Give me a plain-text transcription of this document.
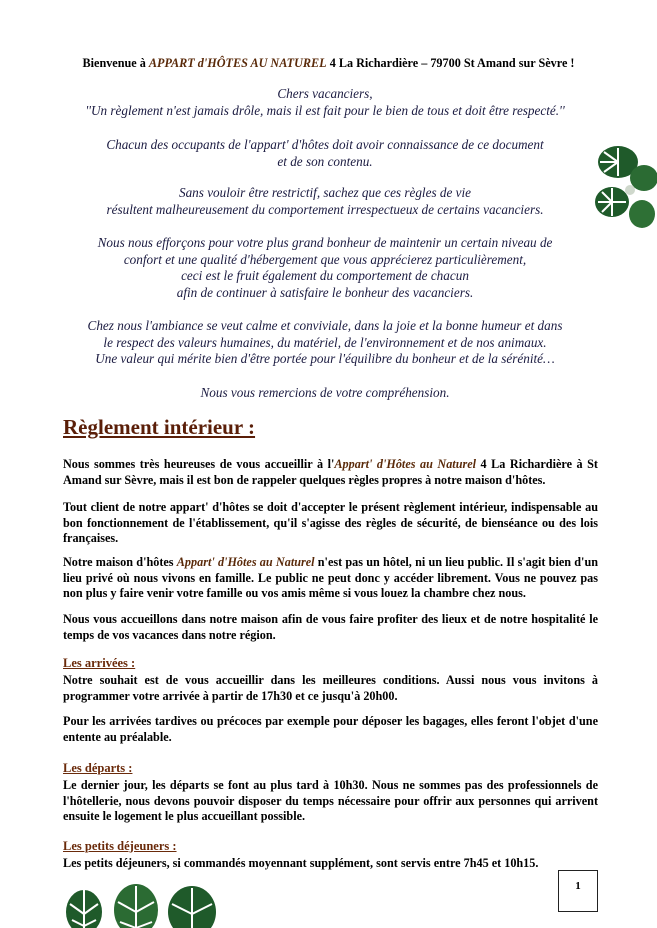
Bienvenue à APPART d'HÔTES AU NATUREL 4 La Richardière – 79700 St Amand sur Sèvre !

Chers vacanciers,

''Un règlement n'est jamais drôle, mais il est fait pour le bien de tous et doit être respecté.''

Chacun des occupants de l'appart' d'hôtes doit avoir connaissance de ce document

et de son contenu.

Sans vouloir être restrictif, sachez que ces règles de vie

résultent malheureusement du comportement irrespectueux de certains vacanciers.

Nous nous efforçons pour votre plus grand bonheur de maintenir un certain niveau de

confort et une qualité d'hébergement que vous apprécierez particulièrement,

ceci est le fruit également du comportement de chacun

afin de continuer à satisfaire le bonheur des vacanciers.

Chez nous l'ambiance se veut calme et conviviale, dans la joie et la bonne humeur et dans

le respect des valeurs humaines, du matériel, de l'environnement et de nos animaux.

Une valeur qui mérite bien d'être portée pour l'équilibre du bonheur et de la sérénité…

Nous vous remercions de votre compréhension.

Règlement intérieur :

Nous sommes très heureuses de vous accueillir à l'Appart' d'Hôtes au Naturel 4 La Richardière à St Amand sur Sèvre, mais il est bon de rappeler quelques règles propres à notre maison d'hôtes.

Tout client de notre appart' d'hôtes se doit d'accepter le présent règlement intérieur, indispensable au bon fonctionnement de l'établissement, qu'il s'agisse des règles de sécurité, de bienséance ou des lois françaises.

Notre maison d'hôtes Appart' d'Hôtes au Naturel n'est pas un hôtel, ni un lieu public. Il s'agit bien d'un lieu privé où nous vivons en famille. Le public ne peut donc y accéder librement. Vous ne pouvez pas non plus y faire venir votre famille ou vos amis même si vous louez la chambre chez nous.

Nous vous accueillons dans notre maison afin de vous faire profiter des lieux et de notre hospitalité le temps de vos vacances dans notre région.

Les arrivées :

Notre souhait est de vous accueillir dans les meilleures conditions. Aussi nous vous invitons à programmer votre arrivée à partir de 17h30 et ce jusqu'à 20h00.

Pour les arrivées tardives ou précoces par exemple pour déposer les bagages, elles feront l'objet d'une entente au préalable.

Les départs :

Le dernier jour, les départs se font au plus tard à 10h30. Nous ne sommes pas des professionnels de l'hôtellerie, nous devons pouvoir disposer du temps nécessaire pour offrir aux personnes qui arrivent ensuite le logement le plus accueillant possible.

Les petits déjeuners :

Les petits déjeuners, si commandés moyennant supplément, sont servis entre 7h45 et 10h15.

1
